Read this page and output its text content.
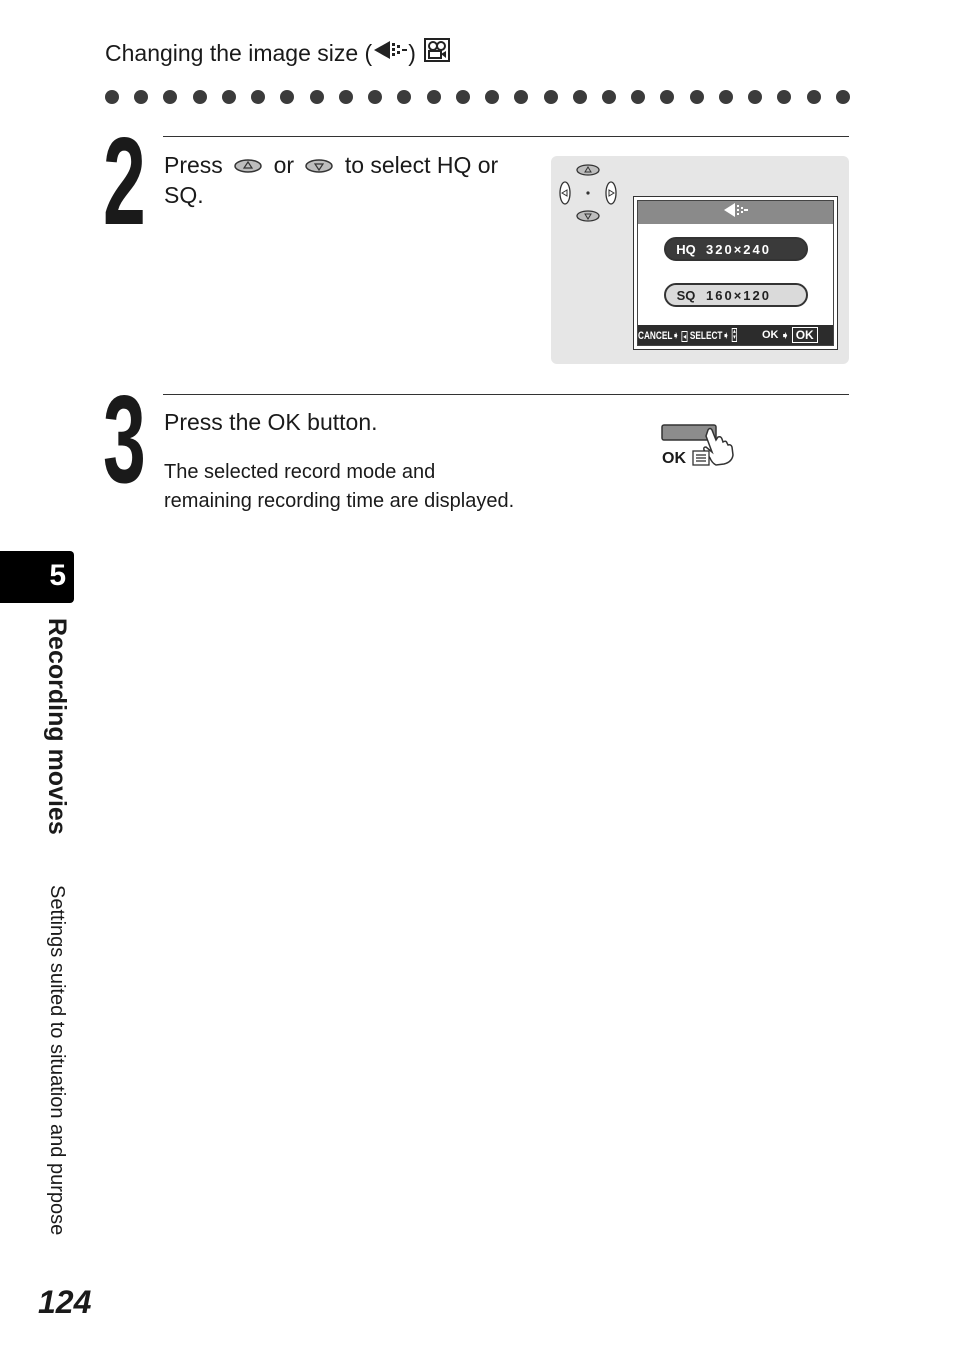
Changing the image size ( )
2 Press or to select HQ or
SQ.
HQ 320×240
SQ 160×120
CANCEL➧ ◂ SELECT➧ ▴
▾	OK ➧ OK
3 Press the OK button.
The selected record mode and
remaining recording time are displayed.
OK
5
Recording movies
Settings suited to situation and purpose
124
